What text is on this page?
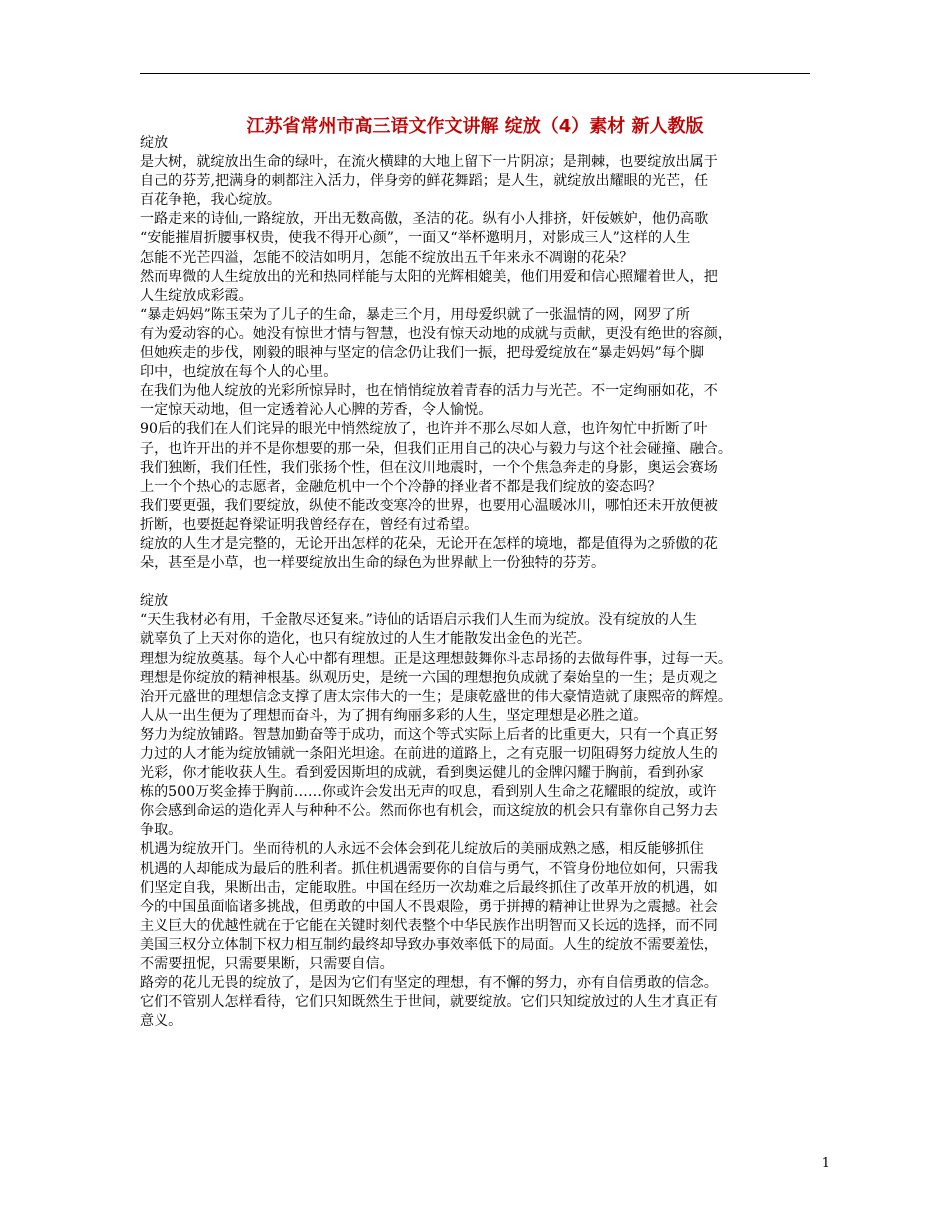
江苏省常州市高三语文作文讲解 绽放（4）素材 新人教版
绽放
是大树，就绽放出生命的绿叶，在流火横肆的大地上留下一片阴凉；是荆棘，也要绽放出属于
自己的芬芳,把满身的刺都注入活力，伴身旁的鲜花舞蹈；是人生，就绽放出耀眼的光芒，任
百花争艳，我心绽放。
一路走来的诗仙,一路绽放，开出无数高傲，圣洁的花。纵有小人排挤，奸佞嫉妒，他仍高歌
“安能摧眉折腰事权贵，使我不得开心颜”，一面又“举杯邀明月，对影成三人”这样的人生
怎能不光芒四溢，怎能不皎洁如明月，怎能不绽放出五千年来永不凋谢的花朵？
然而卑微的人生绽放出的光和热同样能与太阳的光辉相媲美，他们用爱和信心照耀着世人，把
人生绽放成彩霞。
“暴走妈妈”陈玉荣为了儿子的生命，暴走三个月，用母爱织就了一张温情的网，网罗了所
有为爱动容的心。她没有惊世才情与智慧，也没有惊天动地的成就与贡献，更没有绝世的容颜，
但她疾走的步伐，刚毅的眼神与坚定的信念仍让我们一振，把母爱绽放在“暴走妈妈”每个脚
印中，也绽放在每个人的心里。
在我们为他人绽放的光彩所惊异时，也在悄悄绽放着青春的活力与光芒。不一定绚丽如花，不
一定惊天动地，但一定透着沁人心脾的芳香，令人愉悦。
90后的我们在人们诧异的眼光中悄然绽放了，也许并不那么尽如人意，也许匆忙中折断了叶
子，也许开出的并不是你想要的那一朵，但我们正用自己的决心与毅力与这个社会碰撞、融合。
我们独断，我们任性，我们张扬个性，但在汶川地震时，一个个焦急奔走的身影，奥运会赛场
上一个个热心的志愿者，金融危机中一个个冷静的择业者不都是我们绽放的姿态吗？
我们要更强，我们要绽放，纵使不能改变寒冷的世界，也要用心温暖冰川，哪怕还未开放便被
折断，也要挺起脊梁证明我曾经存在，曾经有过希望。
绽放的人生才是完整的，无论开出怎样的花朵，无论开在怎样的境地，都是值得为之骄傲的花
朵，甚至是小草，也一样要绽放出生命的绿色为世界献上一份独特的芬芳。
绽放
“天生我材必有用，千金散尽还复来。”诗仙的话语启示我们人生而为绽放。没有绽放的人生
就辜负了上天对你的造化，也只有绽放过的人生才能散发出金色的光芒。
理想为绽放奠基。每个人心中都有理想。正是这理想鼓舞你斗志昂扬的去做每件事，过每一天。
理想是你绽放的精神根基。纵观历史，是统一六国的理想抱负成就了秦始皇的一生；是贞观之
治开元盛世的理想信念支撑了唐太宗伟大的一生；是康乾盛世的伟大豪情造就了康熙帝的辉煌。
人从一出生便为了理想而奋斗，为了拥有绚丽多彩的人生，坚定理想是必胜之道。
努力为绽放铺路。智慧加勤奋等于成功，而这个等式实际上后者的比重更大，只有一个真正努
力过的人才能为绽放铺就一条阳光坦途。在前进的道路上，之有克服一切阻碍努力绽放人生的
光彩，你才能收获人生。看到爱因斯坦的成就，看到奥运健儿的金牌闪耀于胸前，看到孙家
栋的500万奖金捧于胸前……你或许会发出无声的叹息，看到别人生命之花耀眼的绽放，或许
你会感到命运的造化弄人与种种不公。然而你也有机会，而这绽放的机会只有靠你自己努力去
争取。
机遇为绽放开门。坐而待机的人永远不会体会到花儿绽放后的美丽成熟之感，相反能够抓住
机遇的人却能成为最后的胜利者。抓住机遇需要你的自信与勇气，不管身份地位如何，只需我
们坚定自我，果断出击，定能取胜。中国在经历一次劫难之后最终抓住了改革开放的机遇，如
今的中国虽面临诸多挑战，但勇敢的中国人不畏艰险，勇于拼搏的精神让世界为之震撼。社会
主义巨大的优越性就在于它能在关键时刻代表整个中华民族作出明智而又长远的选择，而不同
美国三权分立体制下权力相互制约最终却导致办事效率低下的局面。人生的绽放不需要羞怯，
不需要扭怩，只需要果断，只需要自信。
路旁的花儿无畏的绽放了，是因为它们有坚定的理想，有不懈的努力，亦有自信勇敢的信念。
它们不管别人怎样看待，它们只知既然生于世间，就要绽放。它们只知绽放过的人生才真正有
意义。
1
